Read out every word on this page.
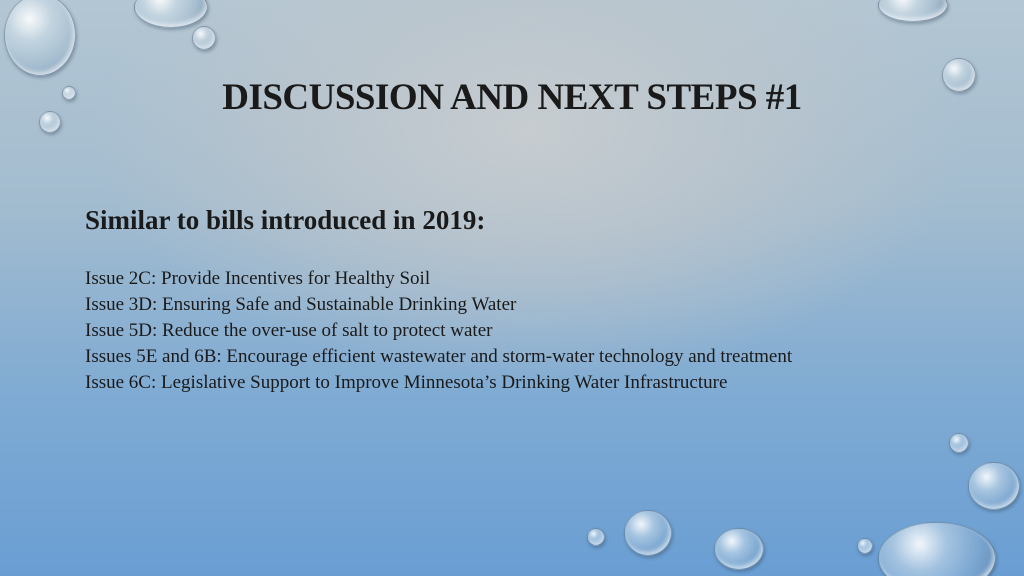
DISCUSSION AND NEXT STEPS #1
Similar to bills introduced in 2019:
Issue 2C: Provide Incentives for Healthy Soil
Issue 3D: Ensuring Safe and Sustainable Drinking Water
Issue 5D: Reduce the over-use of salt to protect water
Issues 5E and 6B: Encourage efficient wastewater and storm-water technology and treatment
Issue 6C: Legislative Support to Improve Minnesota’s Drinking Water Infrastructure
